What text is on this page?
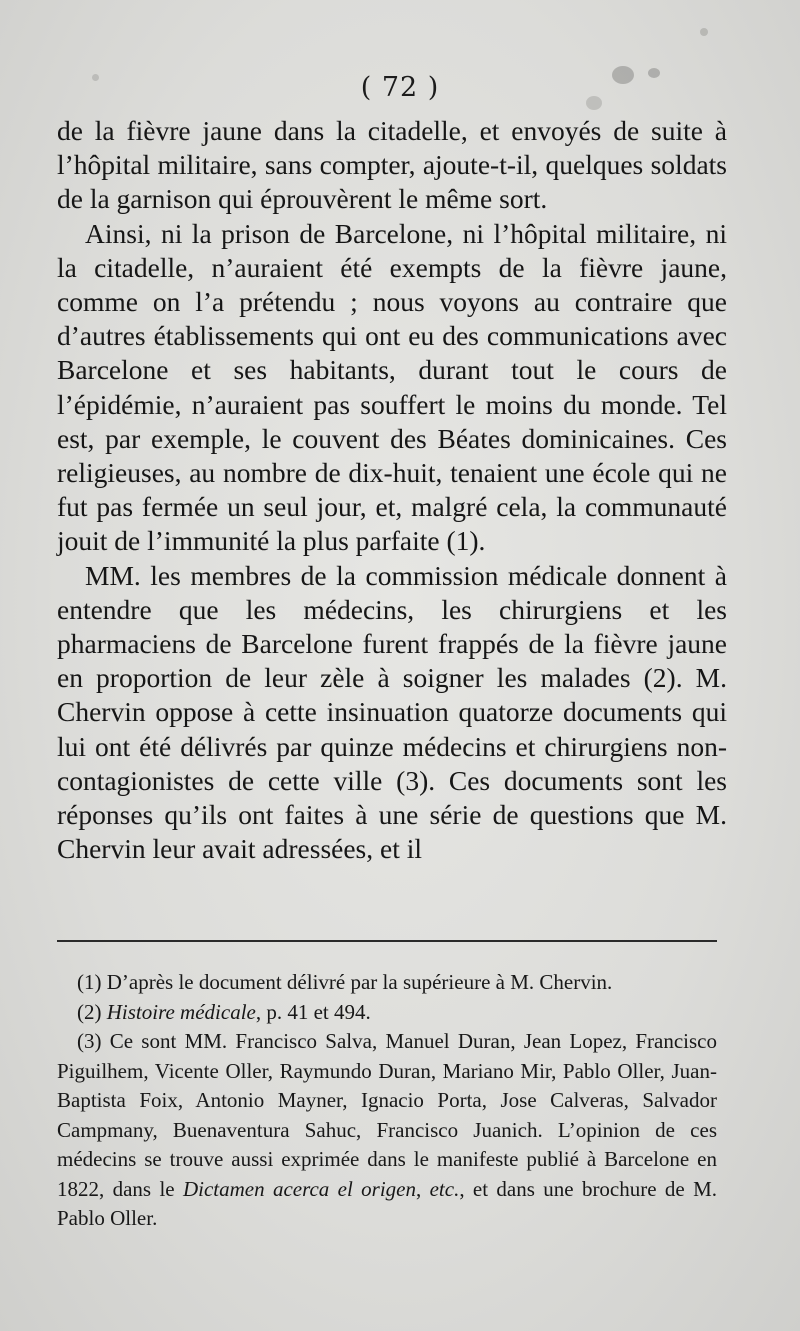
( 72 )

de la fièvre jaune dans la citadelle, et envoyés de suite à l’hôpital militaire, sans compter, ajoute-t-il, quelques soldats de la garnison qui éprouvèrent le même sort.

Ainsi, ni la prison de Barcelone, ni l’hôpital militaire, ni la citadelle, n’auraient été exempts de la fièvre jaune, comme on l’a prétendu ; nous voyons au contraire que d’autres établissements qui ont eu des communications avec Barcelone et ses habitants, durant tout le cours de l’épidémie, n’auraient pas souffert le moins du monde. Tel est, par exemple, le couvent des Béates dominicaines. Ces religieuses, au nombre de dix-huit, tenaient une école qui ne fut pas fermée un seul jour, et, malgré cela, la communauté jouit de l’immunité la plus parfaite (1).

MM. les membres de la commission médicale donnent à entendre que les médecins, les chirurgiens et les pharmaciens de Barcelone furent frappés de la fièvre jaune en proportion de leur zèle à soigner les malades (2). M. Chervin oppose à cette insinuation quatorze documents qui lui ont été délivrés par quinze médecins et chirurgiens non-contagionistes de cette ville (3). Ces documents sont les réponses qu’ils ont faites à une série de questions que M. Chervin leur avait adressées, et il

(1) D’après le document délivré par la supérieure à M. Chervin.

(2) Histoire médicale, p. 41 et 494.

(3) Ce sont MM. Francisco Salva, Manuel Duran, Jean Lopez, Francisco Piguilhem, Vicente Oller, Raymundo Duran, Mariano Mir, Pablo Oller, Juan-Baptista Foix, Antonio Mayner, Ignacio Porta, Jose Calveras, Salvador Campmany, Buenaventura Sahuc, Francisco Juanich. L’opinion de ces médecins se trouve aussi exprimée dans le manifeste publié à Barcelone en 1822, dans le Dictamen acerca el origen, etc., et dans une brochure de M. Pablo Oller.
